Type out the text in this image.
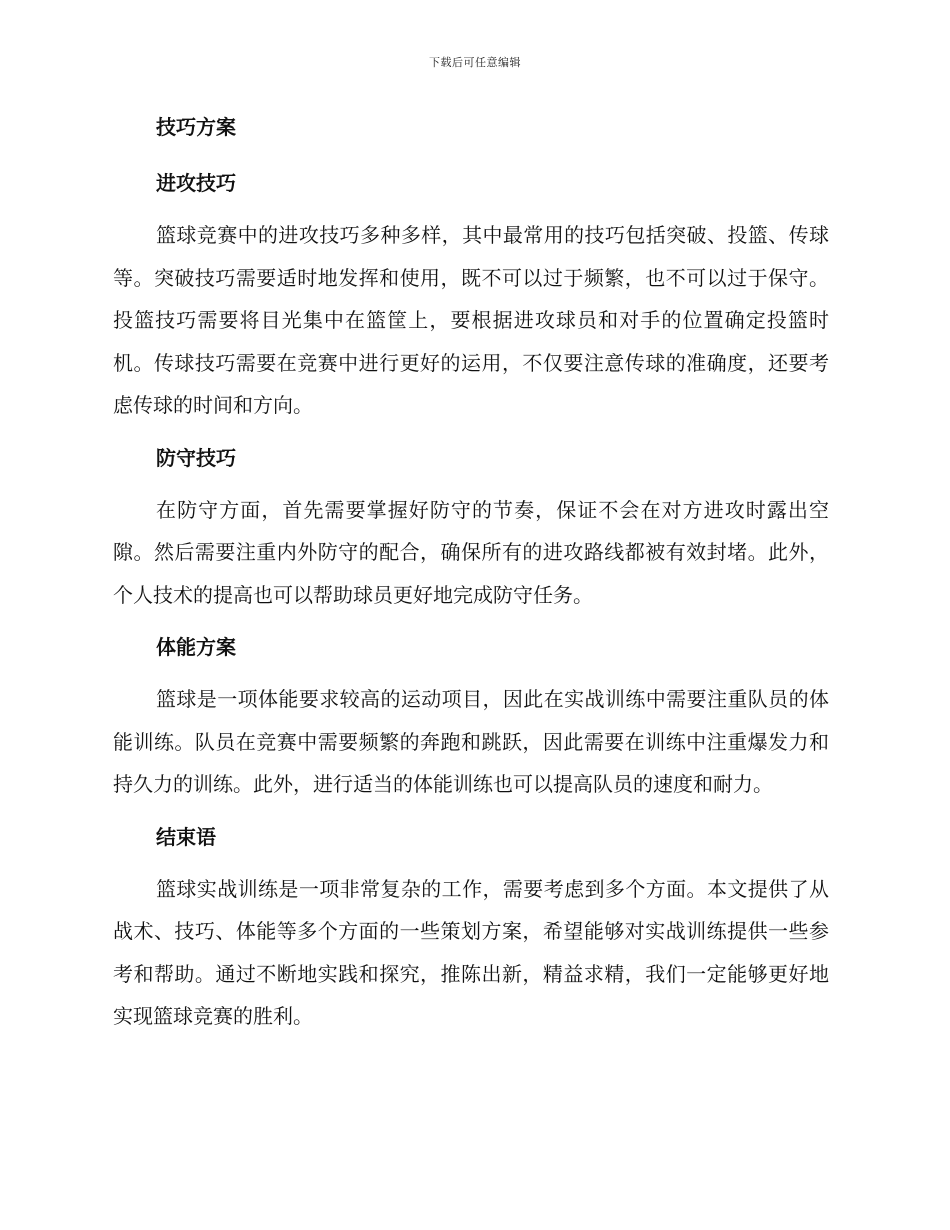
下载后可任意编辑
技巧方案
进攻技巧

篮球竞赛中的进攻技巧多种多样，其中最常用的技巧包括突破、投篮、传球等。突破技巧需要适时地发挥和使用，既不可以过于频繁，也不可以过于保守。投篮技巧需要将目光集中在篮筐上，要根据进攻球员和对手的位置确定投篮时机。传球技巧需要在竞赛中进行更好的运用，不仅要注意传球的准确度，还要考虑传球的时间和方向。

防守技巧

在防守方面，首先需要掌握好防守的节奏，保证不会在对方进攻时露出空隙。然后需要注重内外防守的配合，确保所有的进攻路线都被有效封堵。此外，个人技术的提高也可以帮助球员更好地完成防守任务。

体能方案

篮球是一项体能要求较高的运动项目，因此在实战训练中需要注重队员的体能训练。队员在竞赛中需要频繁的奔跑和跳跃，因此需要在训练中注重爆发力和持久力的训练。此外，进行适当的体能训练也可以提高队员的速度和耐力。

结束语

篮球实战训练是一项非常复杂的工作，需要考虑到多个方面。本文提供了从战术、技巧、体能等多个方面的一些策划方案，希望能够对实战训练提供一些参考和帮助。通过不断地实践和探究，推陈出新，精益求精，我们一定能够更好地实现篮球竞赛的胜利。
